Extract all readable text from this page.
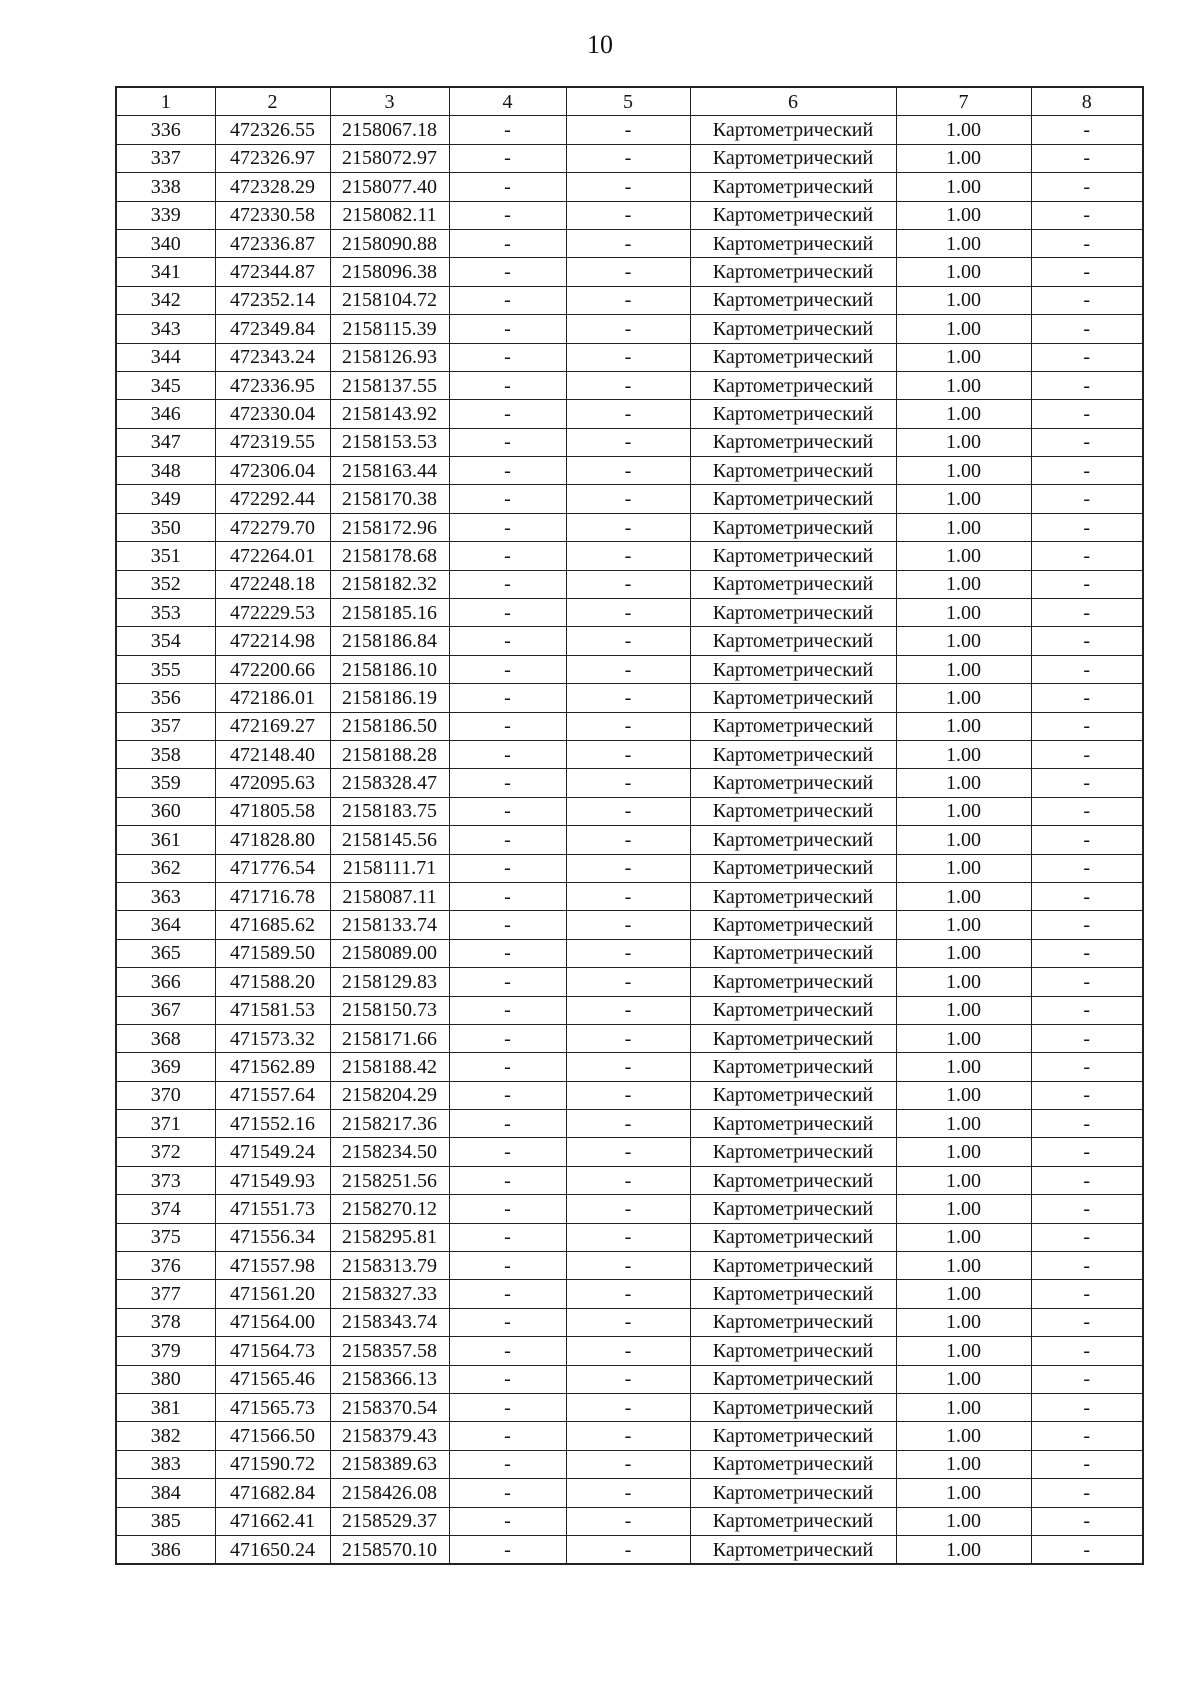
10
1	2	3	4	5	6	7	8
336	472326.55	2158067.18	-	-	Картометрический	1.00	-
337	472326.97	2158072.97	-	-	Картометрический	1.00	-
338	472328.29	2158077.40	-	-	Картометрический	1.00	-
339	472330.58	2158082.11	-	-	Картометрический	1.00	-
340	472336.87	2158090.88	-	-	Картометрический	1.00	-
341	472344.87	2158096.38	-	-	Картометрический	1.00	-
342	472352.14	2158104.72	-	-	Картометрический	1.00	-
343	472349.84	2158115.39	-	-	Картометрический	1.00	-
344	472343.24	2158126.93	-	-	Картометрический	1.00	-
345	472336.95	2158137.55	-	-	Картометрический	1.00	-
346	472330.04	2158143.92	-	-	Картометрический	1.00	-
347	472319.55	2158153.53	-	-	Картометрический	1.00	-
348	472306.04	2158163.44	-	-	Картометрический	1.00	-
349	472292.44	2158170.38	-	-	Картометрический	1.00	-
350	472279.70	2158172.96	-	-	Картометрический	1.00	-
351	472264.01	2158178.68	-	-	Картометрический	1.00	-
352	472248.18	2158182.32	-	-	Картометрический	1.00	-
353	472229.53	2158185.16	-	-	Картометрический	1.00	-
354	472214.98	2158186.84	-	-	Картометрический	1.00	-
355	472200.66	2158186.10	-	-	Картометрический	1.00	-
356	472186.01	2158186.19	-	-	Картометрический	1.00	-
357	472169.27	2158186.50	-	-	Картометрический	1.00	-
358	472148.40	2158188.28	-	-	Картометрический	1.00	-
359	472095.63	2158328.47	-	-	Картометрический	1.00	-
360	471805.58	2158183.75	-	-	Картометрический	1.00	-
361	471828.80	2158145.56	-	-	Картометрический	1.00	-
362	471776.54	2158111.71	-	-	Картометрический	1.00	-
363	471716.78	2158087.11	-	-	Картометрический	1.00	-
364	471685.62	2158133.74	-	-	Картометрический	1.00	-
365	471589.50	2158089.00	-	-	Картометрический	1.00	-
366	471588.20	2158129.83	-	-	Картометрический	1.00	-
367	471581.53	2158150.73	-	-	Картометрический	1.00	-
368	471573.32	2158171.66	-	-	Картометрический	1.00	-
369	471562.89	2158188.42	-	-	Картометрический	1.00	-
370	471557.64	2158204.29	-	-	Картометрический	1.00	-
371	471552.16	2158217.36	-	-	Картометрический	1.00	-
372	471549.24	2158234.50	-	-	Картометрический	1.00	-
373	471549.93	2158251.56	-	-	Картометрический	1.00	-
374	471551.73	2158270.12	-	-	Картометрический	1.00	-
375	471556.34	2158295.81	-	-	Картометрический	1.00	-
376	471557.98	2158313.79	-	-	Картометрический	1.00	-
377	471561.20	2158327.33	-	-	Картометрический	1.00	-
378	471564.00	2158343.74	-	-	Картометрический	1.00	-
379	471564.73	2158357.58	-	-	Картометрический	1.00	-
380	471565.46	2158366.13	-	-	Картометрический	1.00	-
381	471565.73	2158370.54	-	-	Картометрический	1.00	-
382	471566.50	2158379.43	-	-	Картометрический	1.00	-
383	471590.72	2158389.63	-	-	Картометрический	1.00	-
384	471682.84	2158426.08	-	-	Картометрический	1.00	-
385	471662.41	2158529.37	-	-	Картометрический	1.00	-
386	471650.24	2158570.10	-	-	Картометрический	1.00	-
